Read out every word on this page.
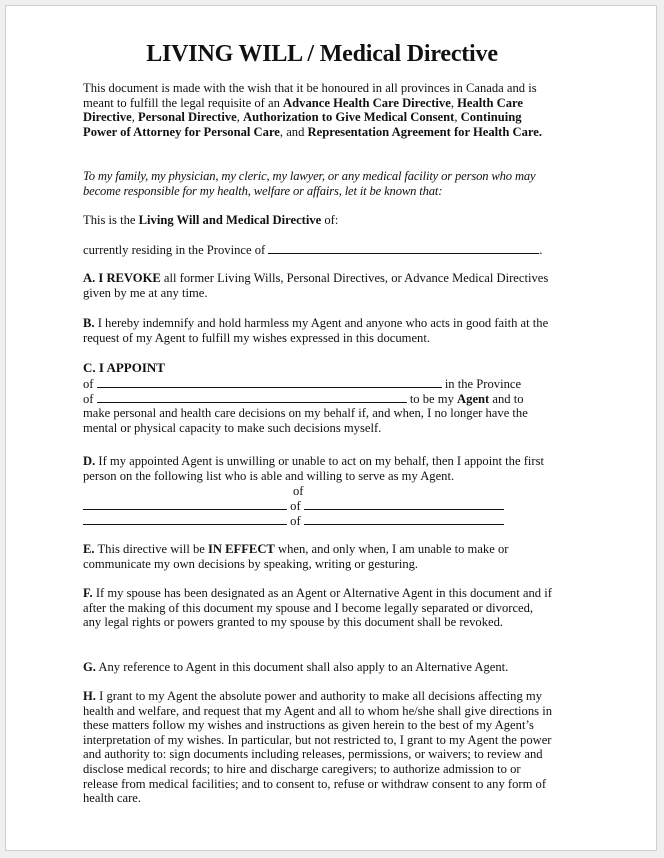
LIVING WILL / Medical Directive

This document is made with the wish that it be honoured in all provinces in Canada and is meant to fulfill the legal requisite of an Advance Health Care Directive, Health Care Directive, Personal Directive, Authorization to Give Medical Consent, Continuing Power of Attorney for Personal Care, and Representation Agreement for Health Care.

To my family, my physician, my cleric, my lawyer, or any medical facility or person who may become responsible for my health, welfare or affairs, let it be known that:

This is the Living Will and Medical Directive of:

currently residing in the Province of	.

A. I REVOKE all former Living Wills, Personal Directives, or Advance Medical Directives given by me at any time.

B. I hereby indemnify and hold harmless my Agent and anyone who acts in good faith at the request of my Agent to fulfill my wishes expressed in this document.

C. I APPOINT
of	in the Province
of	to be my Agent and to

make personal and health care decisions on my behalf if, and when, I no longer have the mental or physical capacity to make such decisions myself.

D. If my appointed Agent is unwilling or unable to act on my behalf, then I appoint the first person on the following list who is able and willing to serve as my Agent.

of
of
of

E. This directive will be IN EFFECT when, and only when, I am unable to make or communicate my own decisions by speaking, writing or gesturing.

F. If my spouse has been designated as an Agent or Alternative Agent in this document and if after the making of this document my spouse and I become legally separated or divorced, any legal rights or powers granted to my spouse by this document shall be revoked.

G. Any reference to Agent in this document shall also apply to an Alternative Agent.

H. I grant to my Agent the absolute power and authority to make all decisions affecting my health and welfare, and request that my Agent and all to whom he/she shall give directions in these matters follow my wishes and instructions as given herein to the best of my Agent’s interpretation of my wishes. In particular, but not restricted to, I grant to my Agent the power and authority to: sign documents including releases, permissions, or waivers; to review and disclose medical records; to hire and discharge caregivers; to authorize admission to or release from medical facilities; and to consent to, refuse or withdraw consent to any form of health care.
